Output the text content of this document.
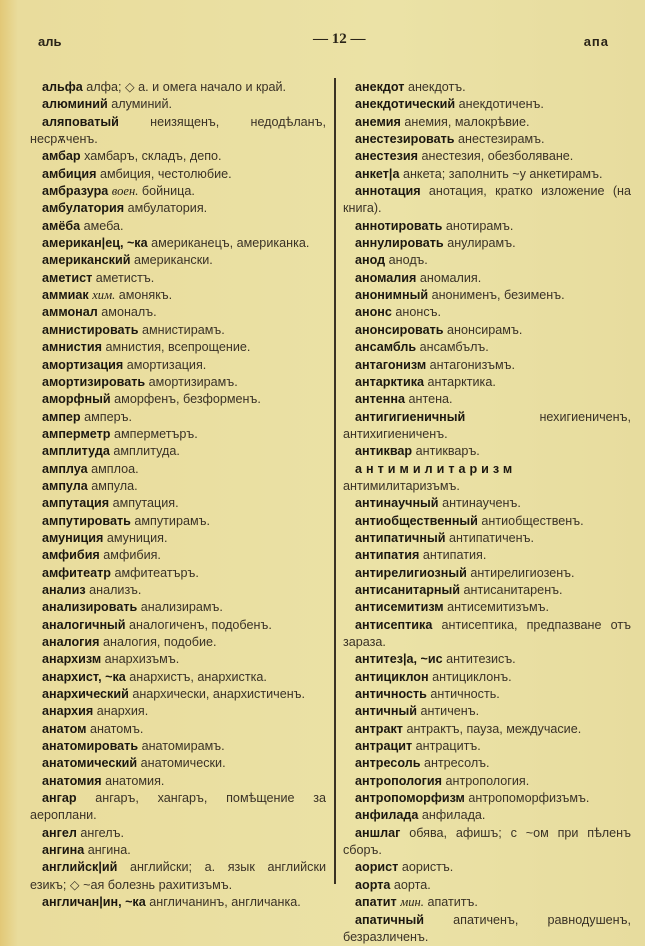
аль	— 12 —	апа

альфа алфа; ◇ а. и омега начало и край.

алюминий алуминий.

аляповатый неизященъ, недодѣланъ, несрѫченъ.

амбар хамбаръ, складъ, депо.

амбиция амбиция, честолюбие.

амбразура воен. бойница.

амбулатория амбулатория.

амёба амеба.

американ|ец, ~ка американецъ, американка.

американский американски.

аметист аметистъ.

аммиак хим. амонякъ.

аммонал амоналъ.

амнистировать амнистирамъ.

амнистия амнистия, всепрощение.

амортизация амортизация.

амортизировать амортизирамъ.

аморфный аморфенъ, безформенъ.

ампер амперъ.

амперметр амперметъръ.

амплитуда амплитуда.

амплуа амплоа.

ампула ампула.

ампутация ампутация.

ампутировать ампутирамъ.

амуниция амуниция.

амфибия амфибия.

амфитеатр амфитеатъръ.

анализ анализъ.

анализировать анализирамъ.

аналогичный аналогиченъ, подобенъ.

аналогия аналогия, подобие.

анархизм анархизъмъ.

анархист, ~ка анархистъ, анархистка.

анархический анархически, анархистиченъ.

анархия анархия.

анатом анатомъ.

анатомировать анатомирамъ.

анатомический анатомически.

анатомия анатомия.

ангар ангаръ, хангаръ, помѣщение за аероплани.

ангел ангелъ.

ангина ангина.

английск|ий английски; а. язык английски езикъ; ◇ ~ая болезнь рахитизъмъ.

англичан|ин, ~ка англичанинъ, англичанка.

анекдот анекдотъ.

анекдотический анекдотиченъ.

анемия анемия, малокрѣвие.

анестезировать анестезирамъ.

анестезия анестезия, обезболяване.

анкет|а анкета; заполнить ~у анкетирамъ.

аннотация анотация, кратко изложение (на книга).

аннотировать анотирамъ.

аннулировать анулирамъ.

анод анодъ.

аномалия аномалия.

анонимный анонименъ, безименъ.

анонс анонсъ.

анонсировать анонсирамъ.

ансамбль ансамбълъ.

антагонизм антагонизъмъ.

антарктика антарктика.

антенна антена.

антигигиеничный	нехигиениченъ, антихигиениченъ.

антиквар антикваръ.

антимилитаризм антимилитаризъмъ.

антинаучный антинаученъ.

антиобщественный антиобщественъ.

антипатичный антипатиченъ.

антипатия антипатия.

антирелигиозный антирелигиозенъ.

антисанитарный антисанитаренъ.

антисемитизм антисемитизъмъ.

антисептика антисептика, предпазване отъ зараза.

антитез|а, ~ис антитезисъ.

антициклон антициклонъ.

античность античность.

античный античенъ.

антракт антрактъ, пауза, междучасие.

антрацит антрацитъ.

антресоль антресолъ.

антропология антропология.

антропоморфизм антропоморфизъмъ.

анфилада анфилада.

аншлаг обява, афишъ; с ~ом при пѣленъ сборъ.

аорист аористъ.

аорта аорта.

апатит мин. апатитъ.

апатичный апатиченъ, равнодушенъ, безразличенъ.
